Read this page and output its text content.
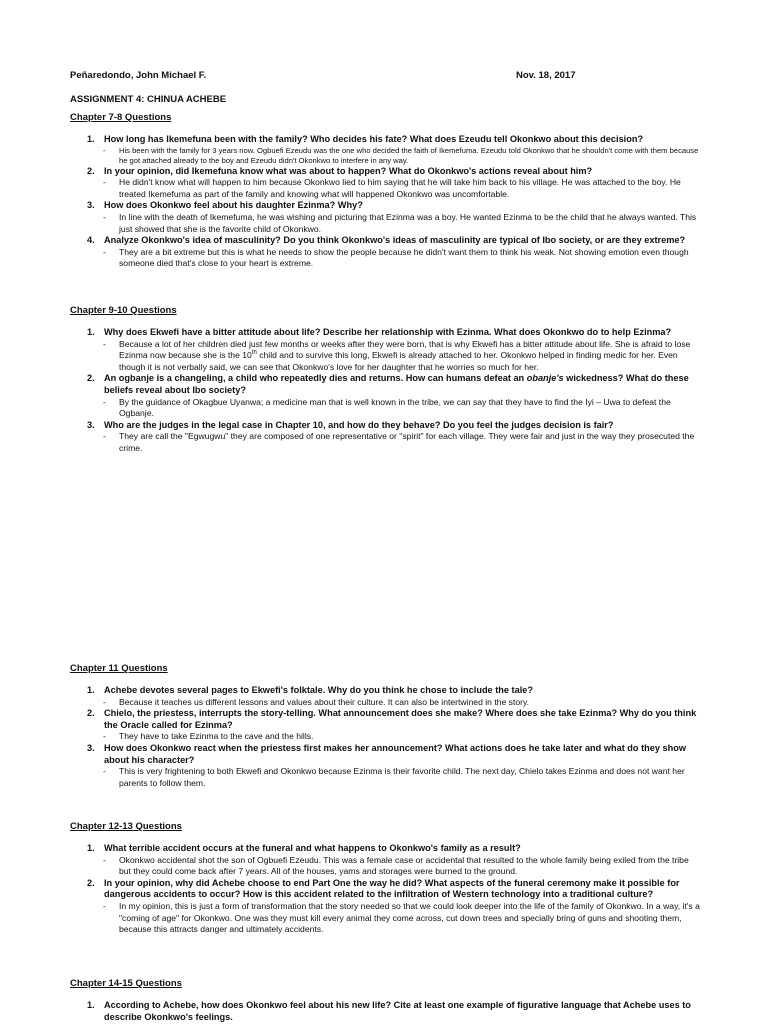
Peñaredondo, John Michael F.	Nov. 18, 2017
ASSIGNMENT 4: CHINUA ACHEBE
Chapter 7-8 Questions
1. How long has Ikemefuna been with the family? Who decides his fate? What does Ezeudu tell Okonkwo about this decision?
- His been with the family for 3 years now. Ogbuefi Ezeudu was the one who decided the faith of Ikemefuma. Ezeudu told Okonkwo that he shouldn't come with them because he got attached already to the boy and Ezeudu didn't Okonkwo to interfere in any way.
2. In your opinion, did Ikemefuna know what was about to happen? What do Okonkwo's actions reveal about him?
- He didn't know what will happen to him because Okonkwo lied to him saying that he will take him back to his village. He was attached to the boy. He treated Ikemefuma as part of the family and knowing what will happened Okonkwo was uncomfortable.
3. How does Okonkwo feel about his daughter Ezinma? Why?
- In line with the death of Ikemefuma, he was wishing and picturing that Ezinma was a boy. He wanted Ezinma to be the child that he always wanted. This just showed that she is the favorite child of Okonkwo.
4. Analyze Okonkwo's idea of masculinity? Do you think Okonkwo's ideas of masculinity are typical of Ibo society, or are they extreme?
- They are a bit extreme but this is what he needs to show the people because he didn't want them to think his weak. Not showing emotion even though someone died that's close to your heart is extreme.
Chapter 9-10 Questions
1. Why does Ekwefi have a bitter attitude about life? Describe her relationship with Ezinma. What does Okonkwo do to help Ezinma?
- Because a lot of her children died just few months or weeks after they were born, that is why Ekwefi has a bitter attitude about life. She is afraid to lose Ezinma now because she is the 10th child and to survive this long, Ekwefi is already attached to her. Okonkwo helped in finding medic for her. Even though it is not verbally said, we can see that Okonkwo's love for her daughter that he worries so much for her.
2. An ogbanje is a changeling, a child who repeatedly dies and returns. How can humans defeat an obanje's wickedness? What do these beliefs reveal about Ibo society?
- By the guidance of Okagbue Uyanwa; a medicine man that is well known in the tribe, we can say that they have to find the Iyi – Uwa to defeat the Ogbanje.
3. Who are the judges in the legal case in Chapter 10, and how do they behave? Do you feel the judges decision is fair?
- They are call the "Egwugwu" they are composed of one representative or "spirit" for each village. They were fair and just in the way they prosecuted the crime.
Chapter 11 Questions
1. Achebe devotes several pages to Ekwefi's folktale. Why do you think he chose to include the tale?
- Because it teaches us different lessons and values about their culture. It can also be intertwined in the story.
2. Chielo, the priestess, interrupts the story-telling. What announcement does she make? Where does she take Ezinma? Why do you think the Oracle called for Ezinma?
- They have to take Ezinma to the cave and the hills.
3. How does Okonkwo react when the priestess first makes her announcement? What actions does he take later and what do they show about his character?
- This is very frightening to both Ekwefi and Okonkwo because Ezinma is their favorite child. The next day, Chielo takes Ezinma and does not want her parents to follow them.
Chapter 12-13 Questions
1. What terrible accident occurs at the funeral and what happens to Okonkwo's family as a result?
- Okonkwo accidental shot the son of Ogbuefi Ezeudu. This was a female case or accidental that resulted to the whole family being exiled from the tribe but they could come back after 7 years. All of the houses, yams and storages were burned to the ground.
2. In your opinion, why did Achebe choose to end Part One the way he did? What aspects of the funeral ceremony make it possible for dangerous accidents to occur? How is this accident related to the infiltration of Western technology into a traditional culture?
- In my opinion, this is just a form of transformation that the story needed so that we could look deeper into the life of the family of Okonkwo. In a way, it's a "coming of age" for Okonkwo. One was they must kill every animal they come across, cut down trees and specially bring of guns and shooting them, because this attracts danger and ultimately accidents.
Chapter 14-15 Questions
1. According to Achebe, how does Okonkwo feel about his new life? Cite at least one example of figurative language that Achebe uses to describe Okonkwo's feelings.
